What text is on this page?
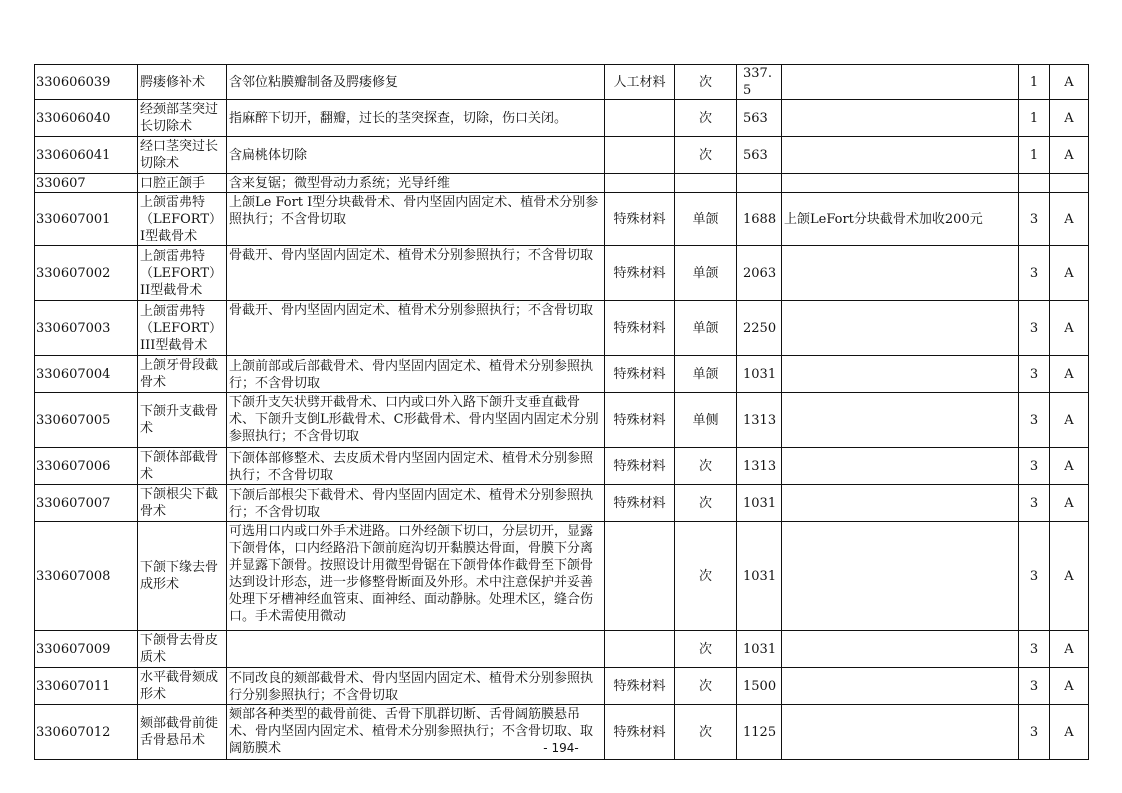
330606039	腭瘘修补术	含邻位粘膜瓣制备及腭瘘修复	人工材料	次	337.5		1	A
330606040	经颈部茎突过长切除术	指麻醉下切开，翻瓣，过长的茎突探查，切除，伤口关闭。		次	563		1	A
330606041	经口茎突过长切除术	含扁桃体切除		次	563		1	A
330607	口腔正颌手	含来复锯；微型骨动力系统；光导纤维						
330607001	上颌雷弗特（LEFORT）I型截骨术	上颌Le Fort I型分块截骨术、骨内坚固内固定术、植骨术分别参照执行；不含骨切取	特殊材料	单颌	1688	上颌LeFort分块截骨术加收200元	3	A
330607002	上颌雷弗特（LEFORT）II型截骨术	骨截开、骨内坚固内固定术、植骨术分别参照执行；不含骨切取	特殊材料	单颌	2063		3	A
330607003	上颌雷弗特（LEFORT）III型截骨术	骨截开、骨内坚固内固定术、植骨术分别参照执行；不含骨切取	特殊材料	单颌	2250		3	A
330607004	上颌牙骨段截骨术	上颌前部或后部截骨术、骨内坚固内固定术、植骨术分别参照执行；不含骨切取	特殊材料	单颌	1031		3	A
330607005	下颌升支截骨术	下颌升支矢状劈开截骨术、口内或口外入路下颌升支垂直截骨术、下颌升支倒L形截骨术、C形截骨术、骨内坚固内固定术分别参照执行；不含骨切取	特殊材料	单侧	1313		3	A
330607006	下颌体部截骨术	下颌体部修整术、去皮质术骨内坚固内固定术、植骨术分别参照执行；不含骨切取	特殊材料	次	1313		3	A
330607007	下颌根尖下截骨术	下颌后部根尖下截骨术、骨内坚固内固定术、植骨术分别参照执行；不含骨切取	特殊材料	次	1031		3	A
330607008	下颌下缘去骨成形术	可选用口内或口外手术进路。口外经颌下切口，分层切开，显露下颌骨体，口内经路沿下颌前庭沟切开黏膜达骨面，骨膜下分离并显露下颌骨。按照设计用微型骨锯在下颌骨体作截骨至下颌骨达到设计形态，进一步修整骨断面及外形。术中注意保护并妥善处理下牙槽神经血管束、面神经、面动静脉。处理术区，缝合伤口。手术需使用微动		次	1031		3	A
330607009	下颌骨去骨皮质术			次	1031		3	A
330607011	水平截骨颏成形术	不同改良的颏部截骨术、骨内坚固内固定术、植骨术分别参照执行分别参照执行；不含骨切取	特殊材料	次	1500		3	A
330607012	颏部截骨前徙舌骨悬吊术	颏部各种类型的截骨前徙、舌骨下肌群切断、舌骨阔筋膜悬吊术、骨内坚固内固定术、植骨术分别参照执行；不含骨切取、取阔筋膜术	特殊材料	次	1125		3	A
- 194-
